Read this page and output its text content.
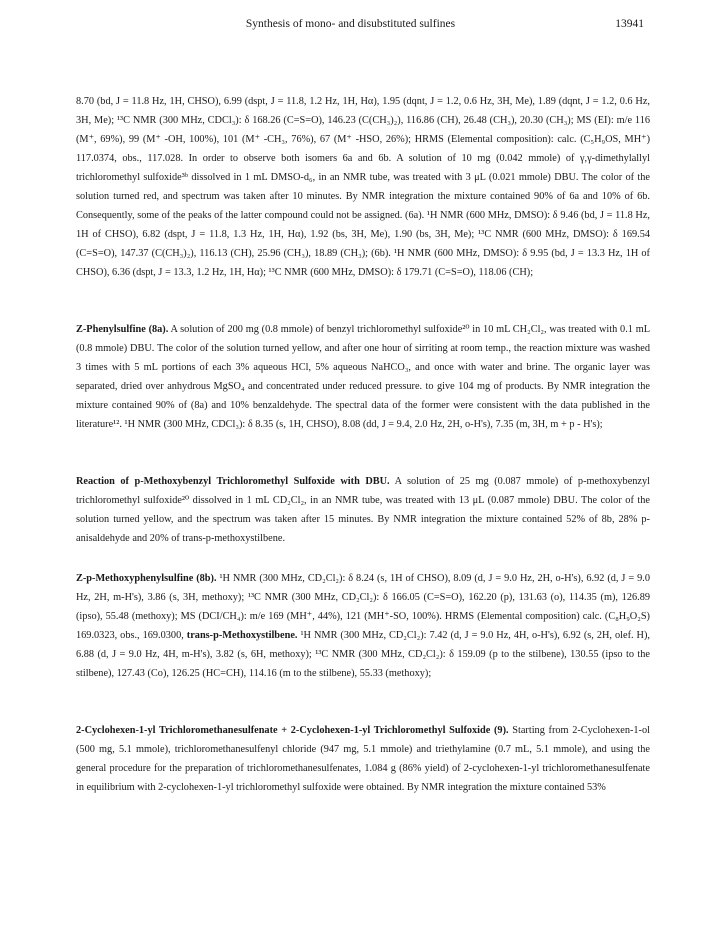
Synthesis of mono- and disubstituted sulfines	13941

8.70 (bd, J = 11.8 Hz, 1H, CHSO), 6.99 (dspt, J = 11.8, 1.2 Hz, 1H, Hα), 1.95 (dqnt, J = 1.2, 0.6 Hz, 3H, Me), 1.89 (dqnt, J = 1.2, 0.6 Hz, 3H, Me); ¹³C NMR (300 MHz, CDCl₃): δ 168.26 (C=S=O), 146.23 (C(CH₃)₂), 116.86 (CH), 26.48 (CH₃), 20.30 (CH₃); MS (EI): m/e 116 (M⁺, 69%), 99 (M⁺ -OH, 100%), 101 (M⁺ -CH₃, 76%), 67 (M⁺ -HSO, 26%); HRMS (Elemental composition): calc. (C₅H₉OS, MH⁺) 117.0374, obs., 117.028. In order to observe both isomers 6a and 6b. A solution of 10 mg (0.042 mmole) of γ,γ-dimethylallyl trichloromethyl sulfoxide³ᵇ dissolved in 1 mL DMSO-d₆, in an NMR tube, was treated with 3 μL (0.021 mmole) DBU. The color of the solution turned red, and spectrum was taken after 10 minutes. By NMR integration the mixture contained 90% of 6a and 10% of 6b. Consequently, some of the peaks of the latter compound could not be assigned. (6a). ¹H NMR (600 MHz, DMSO): δ 9.46 (bd, J = 11.8 Hz, 1H of CHSO), 6.82 (dspt, J = 11.8, 1.3 Hz, 1H, Hα), 1.92 (bs, 3H, Me), 1.90 (bs, 3H, Me); ¹³C NMR (600 MHz, DMSO): δ 169.54 (C=S=O), 147.37 (C(CH₃)₂), 116.13 (CH), 25.96 (CH₃), 18.89 (CH₃); (6b). ¹H NMR (600 MHz, DMSO): δ 9.95 (bd, J = 13.3 Hz, 1H of CHSO), 6.36 (dspt, J = 13.3, 1.2 Hz, 1H, Hα); ¹³C NMR (600 MHz, DMSO): δ 179.71 (C=S=O), 118.06 (CH);

Z-Phenylsulfine (8a). A solution of 200 mg (0.8 mmole) of benzyl trichloromethyl sulfoxide²⁰ in 10 mL CH₂Cl₂, was treated with 0.1 mL (0.8 mmole) DBU. The color of the solution turned yellow, and after one hour of sirriting at room temp., the reaction mixture was washed 3 times with 5 mL portions of each 3% aqueous HCl, 5% aqueous NaHCO₃, and once with water and brine. The organic layer was separated, dried over anhydrous MgSO₄ and concentrated under reduced pressure. to give 104 mg of products. By NMR integration the mixture contained 90% of (8a) and 10% benzaldehyde. The spectral data of the former were consistent with the data published in the literature¹². ¹H NMR (300 MHz, CDCl₃): δ 8.35 (s, 1H, CHSO), 8.08 (dd, J = 9.4, 2.0 Hz, 2H, o-H's), 7.35 (m, 3H, m + p - H's);

Reaction of p-Methoxybenzyl Trichloromethyl Sulfoxide with DBU. A solution of 25 mg (0.087 mmole) of p-methoxybenzyl trichloromethyl sulfoxide²⁰ dissolved in 1 mL CD₂Cl₂, in an NMR tube, was treated with 13 μL (0.087 mmole) DBU. The color of the solution turned yellow, and the spectrum was taken after 15 minutes. By NMR integration the mixture contained 52% of 8b, 28% p-anisaldehyde and 20% of trans-p-methoxystilbene.

Z-p-Methoxyphenylsulfine (8b). ¹H NMR (300 MHz, CD₂Cl₂): δ 8.24 (s, 1H of CHSO), 8.09 (d, J = 9.0 Hz, 2H, o-H's), 6.92 (d, J = 9.0 Hz, 2H, m-H's), 3.86 (s, 3H, methoxy); ¹³C NMR (300 MHz, CD₂Cl₂): δ 166.05 (C=S=O), 162.20 (p), 131.63 (o), 114.35 (m), 126.89 (ipso), 55.48 (methoxy); MS (DCI/CH₄): m/e 169 (MH⁺, 44%), 121 (MH⁺-SO, 100%). HRMS (Elemental composition) calc. (C₈H₉O₂S) 169.0323, obs., 169.0300, trans-p-Methoxystilbene. ¹H NMR (300 MHz, CD₂Cl₂): 7.42 (d, J = 9.0 Hz, 4H, o-H's), 6.92 (s, 2H, olef. H), 6.88 (d, J = 9.0 Hz, 4H, m-H's), 3.82 (s, 6H, methoxy); ¹³C NMR (300 MHz, CD₂Cl₂): δ 159.09 (p to the stilbene), 130.55 (ipso to the stilbene), 127.43 (Co), 126.25 (HC=CH), 114.16 (m to the stilbene), 55.33 (methoxy);

2-Cyclohexen-1-yl Trichloromethanesulfenate + 2-Cyclohexen-1-yl Trichloromethyl Sulfoxide (9). Starting from 2-Cyclohexen-1-ol (500 mg, 5.1 mmole), trichloromethanesulfenyl chloride (947 mg, 5.1 mmole) and triethylamine (0.7 mL, 5.1 mmole), and using the general procedure for the preparation of trichloromethanesulfenates, 1.084 g (86% yield) of 2-cyclohexen-1-yl trichloromethanesulfenate in equilibrium with 2-cyclohexen-1-yl trichloromethyl sulfoxide were obtained. By NMR integration the mixture contained 53%
